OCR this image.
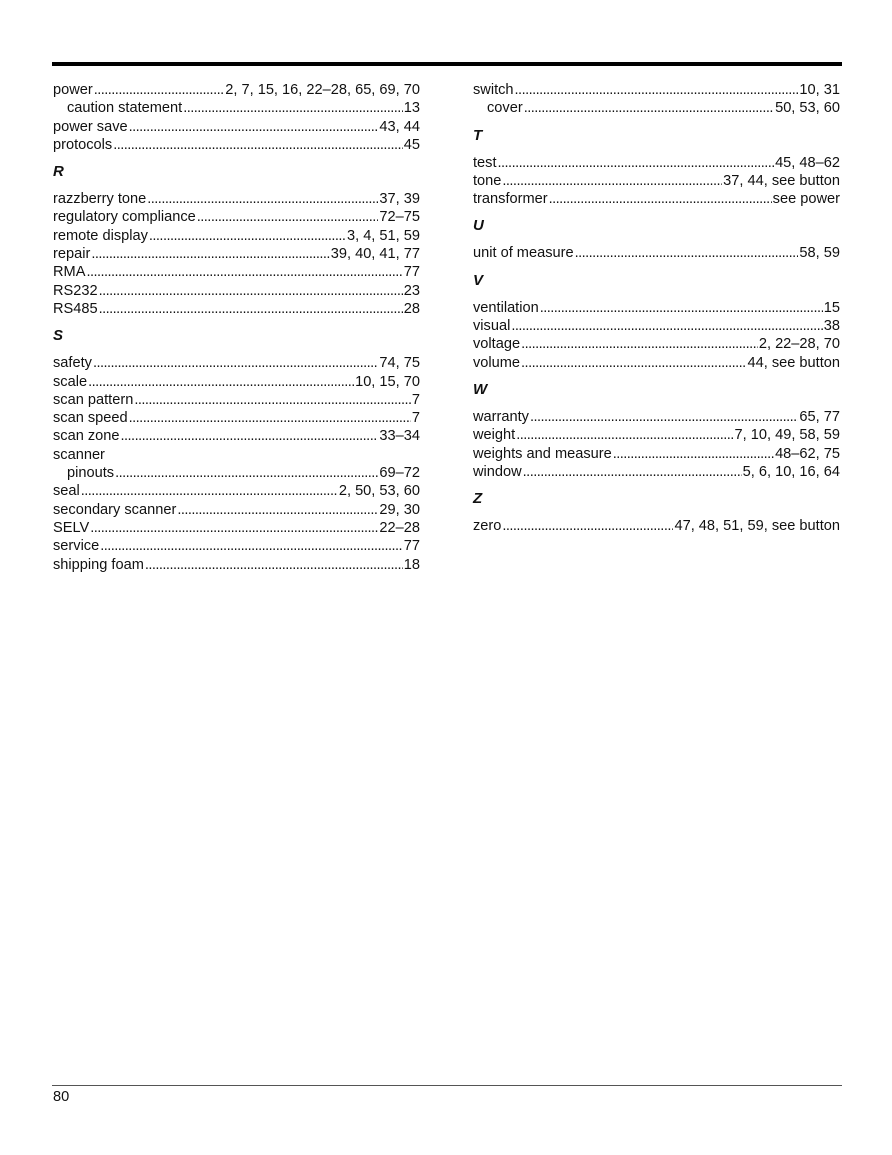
power . . .	2, 7, 15, 16, 22–28, 65, 69, 70
caution statement . . .	13
power save . . .	43, 44
protocols . . .	45
R
razzberry tone . . .	37, 39
regulatory compliance . . .	72–75
remote display . . .	3, 4, 51, 59
repair . . .	39, 40, 41, 77
RMA . . .	77
RS232 . . .	23
RS485 . . .	28
S
safety . . .	74, 75
scale . . .	10, 15, 70
scan pattern . . .	7
scan speed . . .	7
scan zone . . .	33–34
scanner
pinouts . . .	69–72
seal . . .	2, 50, 53, 60
secondary scanner . . .	29, 30
SELV . . .	22–28
service . . .	77
shipping foam . . .	18
switch . . .	10, 31
cover . . .	50, 53, 60
T
test . . .	45, 48–62
tone . . .	37, 44, see button
transformer . . .	see power
U
unit of measure . . .	58, 59
V
ventilation . . .	15
visual . . .	38
voltage . . .	2, 22–28, 70
volume . . .	44, see button
W
warranty . . .	65, 77
weight . . .	7, 10, 49, 58, 59
weights and measure . . .	48–62, 75
window . . .	5, 6, 10, 16, 64
Z
zero . . .	47, 48, 51, 59, see button
80
